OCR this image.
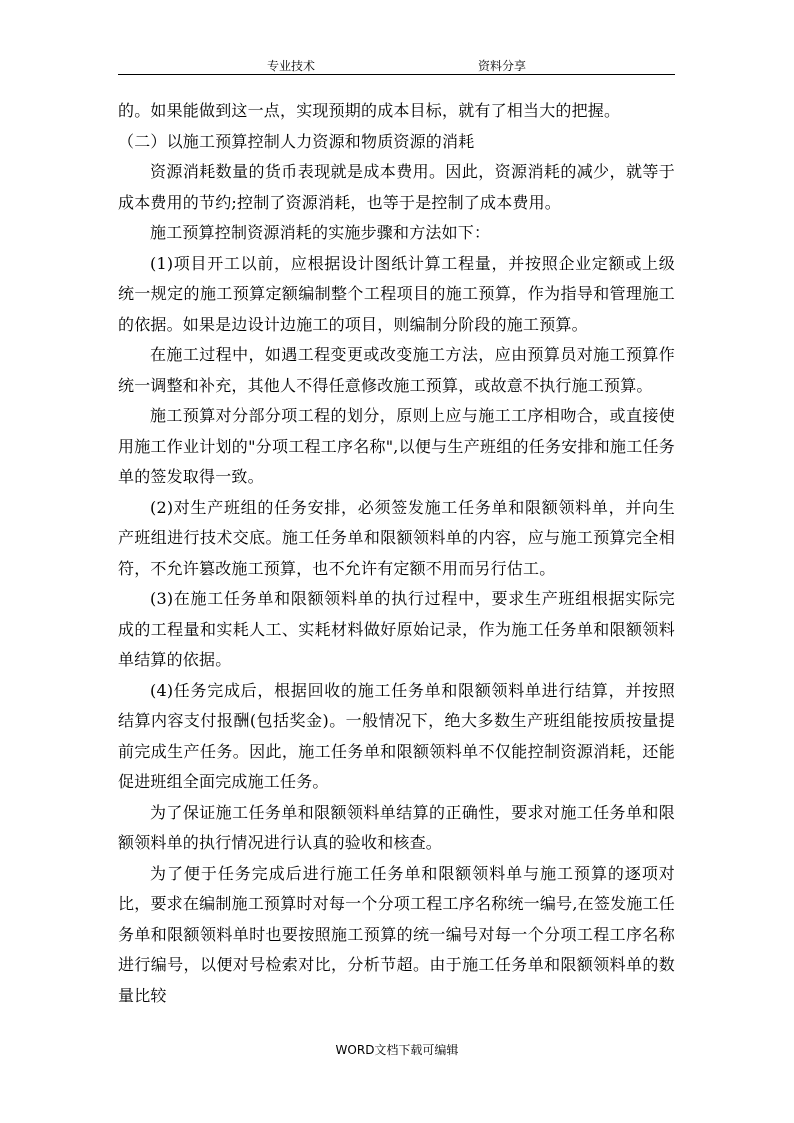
专业技术	资料分享

的。如果能做到这一点，实现预期的成本目标，就有了相当大的把握。

（二）以施工预算控制人力资源和物质资源的消耗

资源消耗数量的货币表现就是成本费用。因此，资源消耗的减少，就等于成本费用的节约;控制了资源消耗，也等于是控制了成本费用。

施工预算控制资源消耗的实施步骤和方法如下：

(1)项目开工以前，应根据设计图纸计算工程量，并按照企业定额或上级统一规定的施工预算定额编制整个工程项目的施工预算，作为指导和管理施工的依据。如果是边设计边施工的项目，则编制分阶段的施工预算。

在施工过程中，如遇工程变更或改变施工方法，应由预算员对施工预算作统一调整和补充，其他人不得任意修改施工预算，或故意不执行施工预算。

施工预算对分部分项工程的划分，原则上应与施工工序相吻合，或直接使用施工作业计划的"分项工程工序名称",以便与生产班组的任务安排和施工任务单的签发取得一致。

(2)对生产班组的任务安排，必须签发施工任务单和限额领料单，并向生产班组进行技术交底。施工任务单和限额领料单的内容，应与施工预算完全相符，不允许篡改施工预算，也不允许有定额不用而另行估工。

(3)在施工任务单和限额领料单的执行过程中，要求生产班组根据实际完成的工程量和实耗人工、实耗材料做好原始记录，作为施工任务单和限额领料单结算的依据。

(4)任务完成后，根据回收的施工任务单和限额领料单进行结算，并按照结算内容支付报酬(包括奖金)。一般情况下，绝大多数生产班组能按质按量提前完成生产任务。因此，施工任务单和限额领料单不仅能控制资源消耗，还能促进班组全面完成施工任务。

为了保证施工任务单和限额领料单结算的正确性，要求对施工任务单和限额领料单的执行情况进行认真的验收和核查。

为了便于任务完成后进行施工任务单和限额领料单与施工预算的逐项对比，要求在编制施工预算时对每一个分项工程工序名称统一编号,在签发施工任务单和限额领料单时也要按照施工预算的统一编号对每一个分项工程工序名称进行编号，以便对号检索对比，分析节超。由于施工任务单和限额领料单的数量比较

WORD文档下载可编辑
